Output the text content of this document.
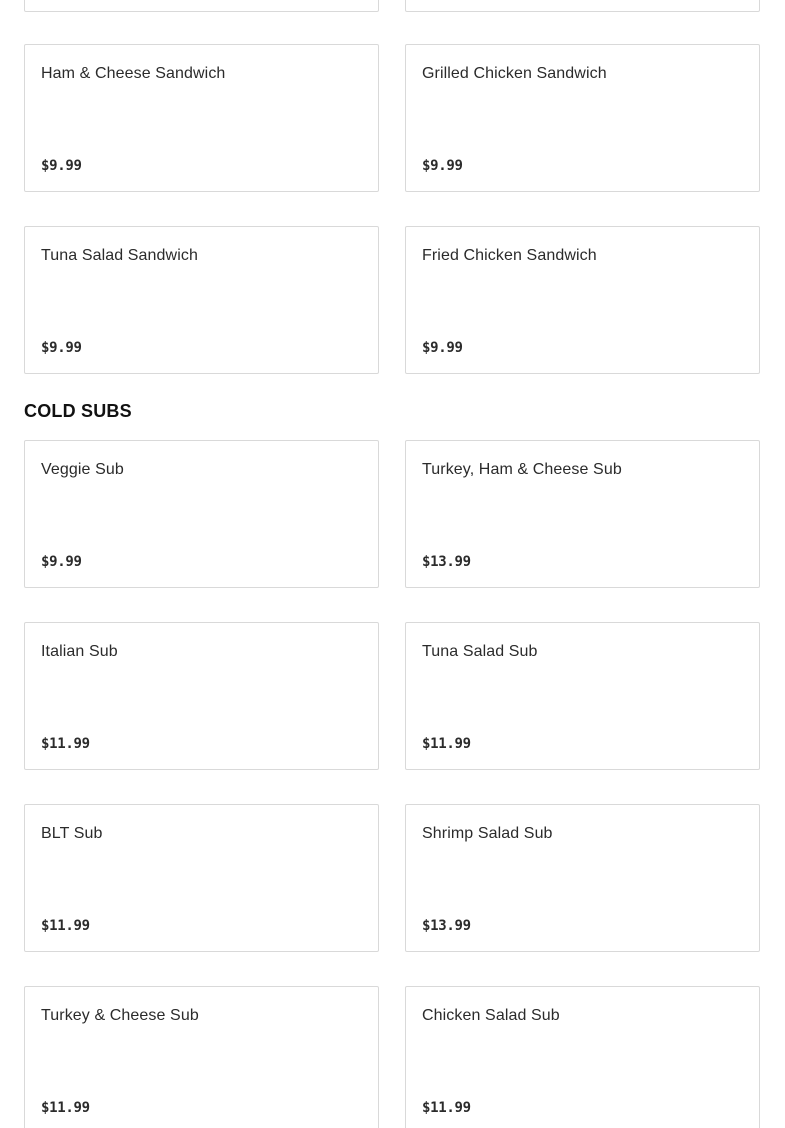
Ham & Cheese Sandwich
$9.99
Grilled Chicken Sandwich
$9.99
Tuna Salad Sandwich
$9.99
Fried Chicken Sandwich
$9.99
COLD SUBS
Veggie Sub
$9.99
Turkey, Ham & Cheese Sub
$13.99
Italian Sub
$11.99
Tuna Salad Sub
$11.99
BLT Sub
$11.99
Shrimp Salad Sub
$13.99
Turkey & Cheese Sub
$11.99
Chicken Salad Sub
$11.99
